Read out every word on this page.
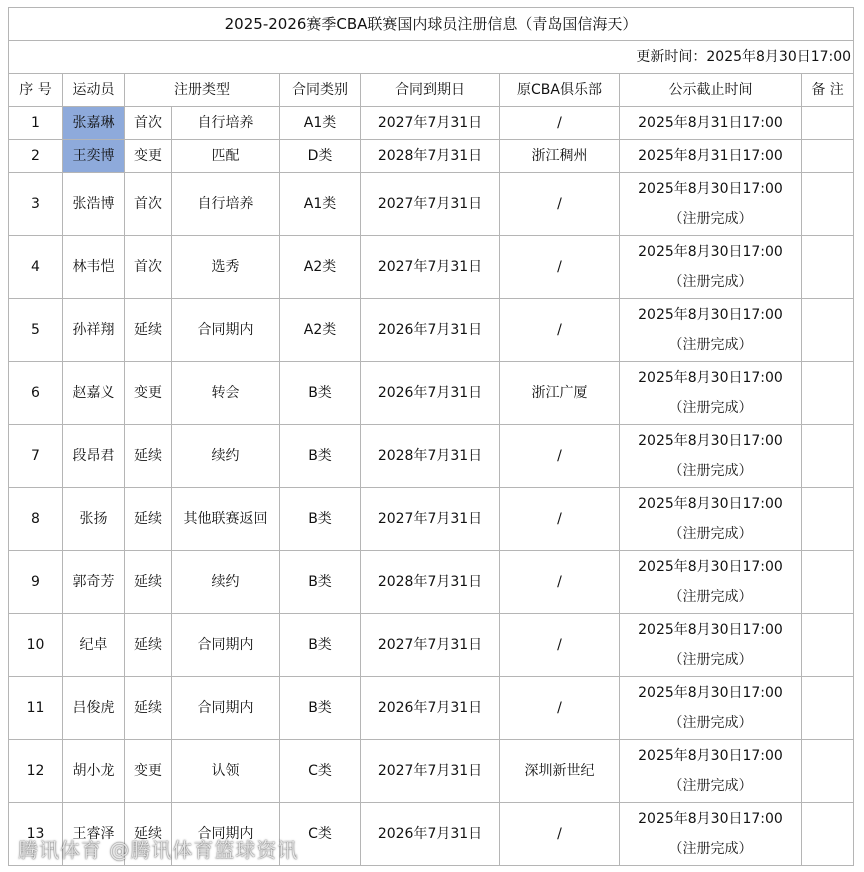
2025-2026赛季CBA联赛国内球员注册信息（青岛国信海天）								
更新时间：2025年8月30日17:00								
序 号	运动员	注册类型		合同类别	合同到期日	原CBA俱乐部	公示截止时间	备 注
1	张嘉琳	首次	自行培养	A1类	2027年7月31日	/	2025年8月31日17:00	

2	王奕博	变更	匹配	D类	2028年7月31日	浙江稠州	2025年8月31日17:00	

3	张浩博	首次	自行培养	A1类	2027年7月31日	/	2025年8月30日17:00
（注册完成）	

4	林韦恺	首次	选秀	A2类	2027年7月31日	/	2025年8月30日17:00
（注册完成）	

5	孙祥翔	延续	合同期内	A2类	2026年7月31日	/	2025年8月30日17:00
（注册完成）	

6	赵嘉义	变更	转会	B类	2026年7月31日	浙江广厦	2025年8月30日17:00
（注册完成）	

7	段昂君	延续	续约	B类	2028年7月31日	/	2025年8月30日17:00
（注册完成）	

8	张扬	延续	其他联赛返回	B类	2027年7月31日	/	2025年8月30日17:00
（注册完成）	

9	郭奇芳	延续	续约	B类	2028年7月31日	/	2025年8月30日17:00
（注册完成）	

10	纪卓	延续	合同期内	B类	2027年7月31日	/	2025年8月30日17:00
（注册完成）	

11	吕俊虎	延续	合同期内	B类	2026年7月31日	/	2025年8月30日17:00
（注册完成）	

12	胡小龙	变更	认领	C类	2027年7月31日	深圳新世纪	2025年8月30日17:00
（注册完成）	

13	王睿泽	延续	合同期内	C类	2026年7月31日	/	2025年8月30日17:00
（注册完成）	

腾讯体育 @腾讯体育篮球资讯
